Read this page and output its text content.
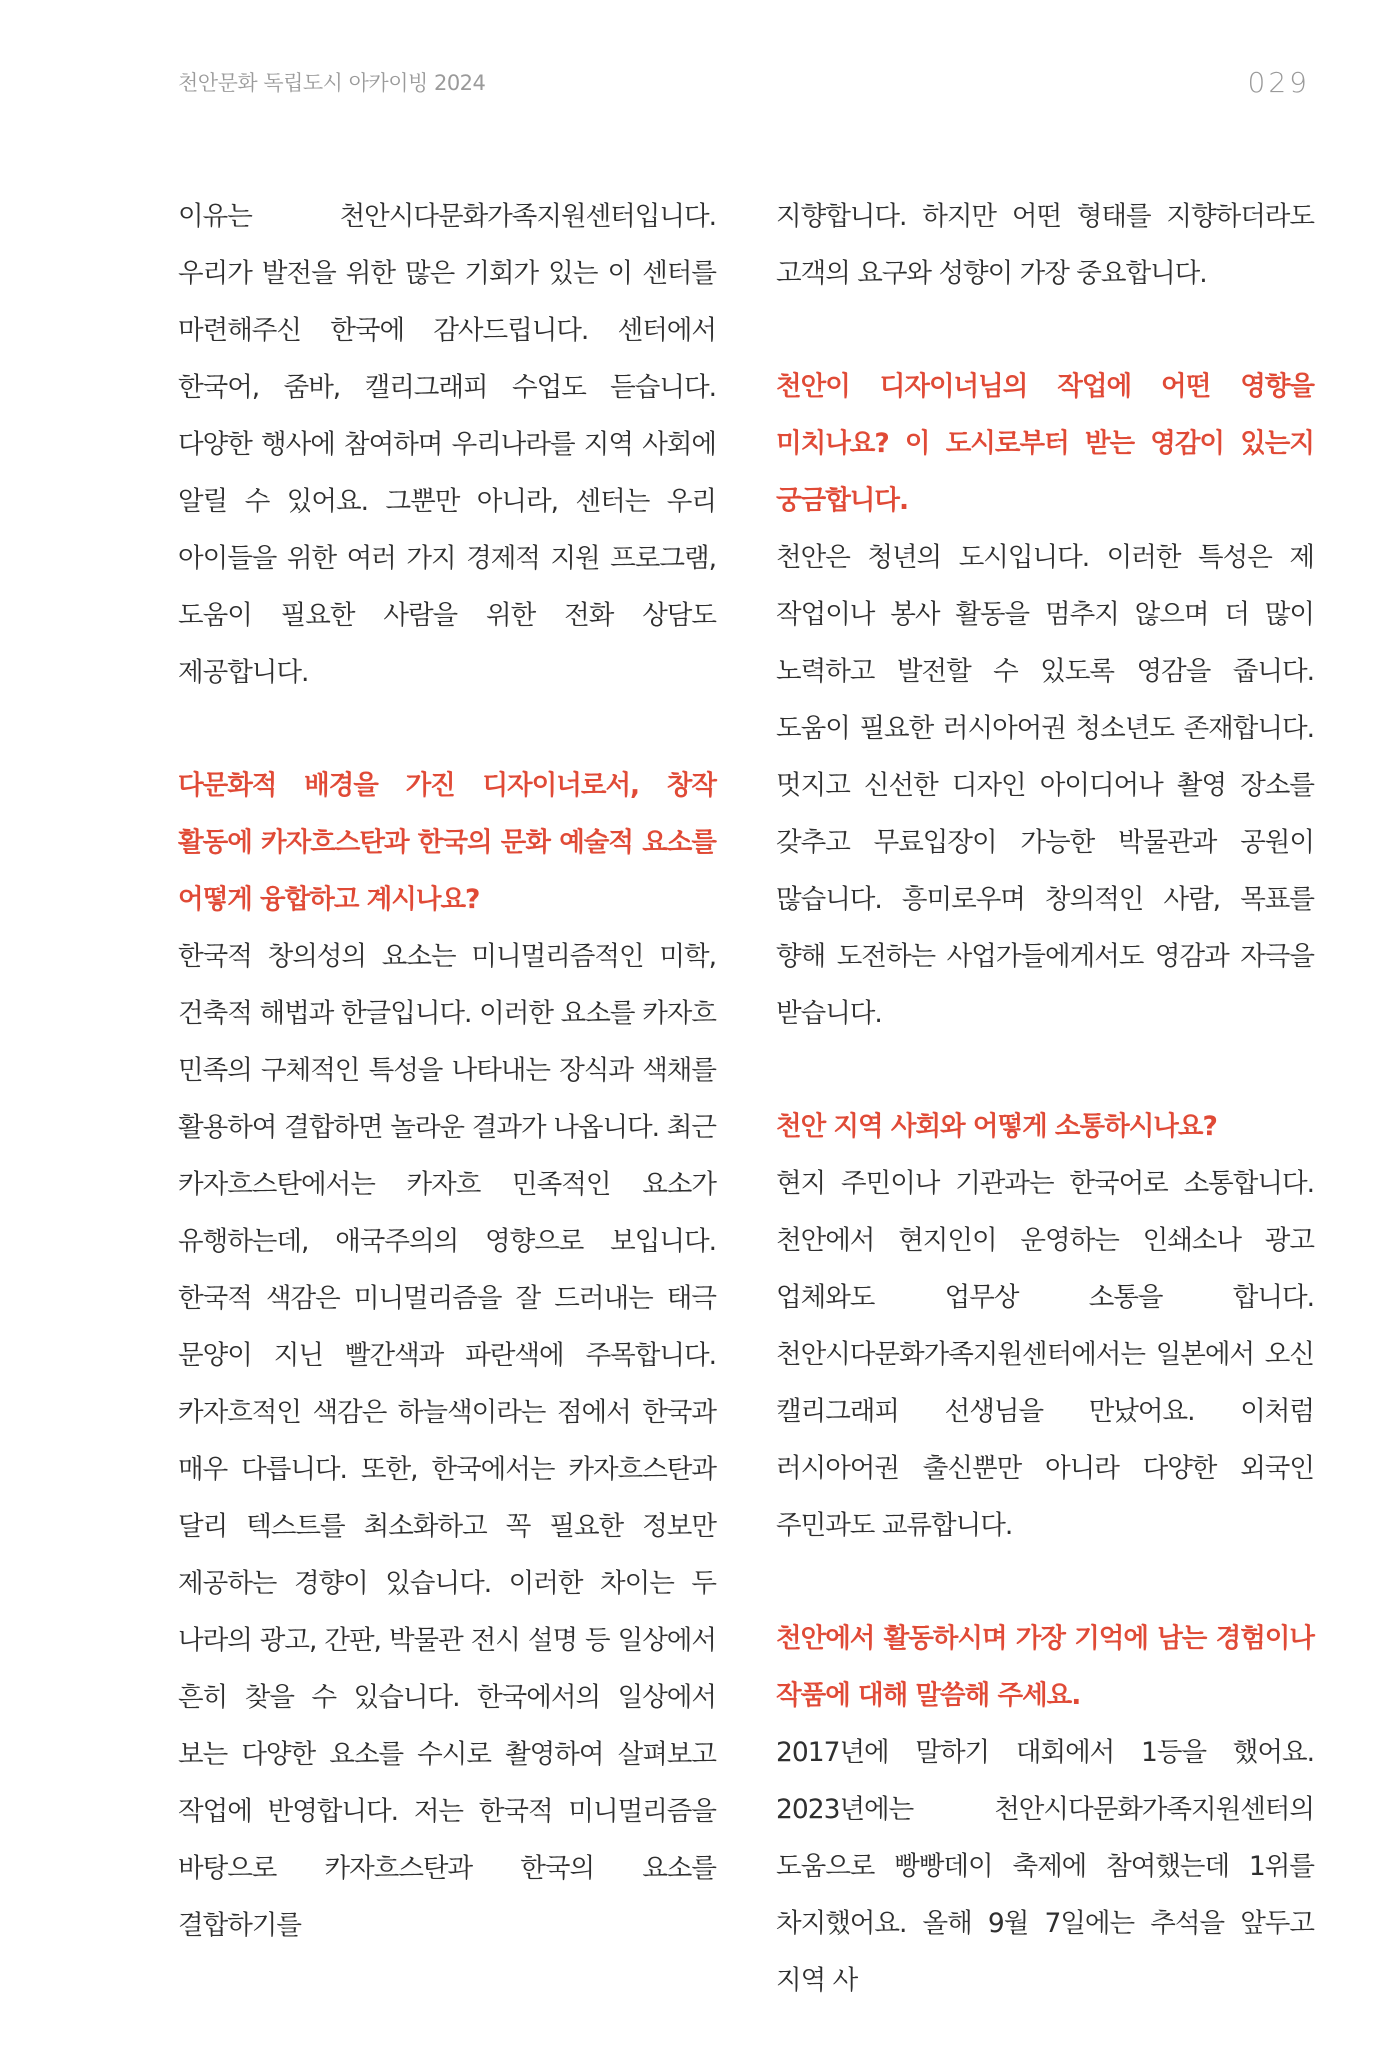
천안문화 독립도시 아카이빙 2024	029

이유는 천안시다문화가족지원센터입니다. 우리가 발전을 위한 많은 기회가 있는 이 센터를 마련해주신 한국에 감사드립니다. 센터에서 한국어, 줌바, 캘리그래피 수업도 듣습니다. 다양한 행사에 참여하며 우리나라를 지역 사회에 알릴 수 있어요. 그뿐만 아니라, 센터는 우리 아이들을 위한 여러 가지 경제적 지원 프로그램, 도움이 필요한 사람을 위한 전화 상담도 제공합니다.

다문화적 배경을 가진 디자이너로서, 창작 활동에 카자흐스탄과 한국의 문화 예술적 요소를 어떻게 융합하고 계시나요?

한국적 창의성의 요소는 미니멀리즘적인 미학, 건축적 해법과 한글입니다. 이러한 요소를 카자흐 민족의 구체적인 특성을 나타내는 장식과 색채를 활용하여 결합하면 놀라운 결과가 나옵니다. 최근 카자흐스탄에서는 카자흐 민족적인 요소가 유행하는데, 애국주의의 영향으로 보입니다. 한국적 색감은 미니멀리즘을 잘 드러내는 태극 문양이 지닌 빨간색과 파란색에 주목합니다. 카자흐적인 색감은 하늘색이라는 점에서 한국과 매우 다릅니다. 또한, 한국에서는 카자흐스탄과 달리 텍스트를 최소화하고 꼭 필요한 정보만 제공하는 경향이 있습니다. 이러한 차이는 두 나라의 광고, 간판, 박물관 전시 설명 등 일상에서 흔히 찾을 수 있습니다. 한국에서의 일상에서 보는 다양한 요소를 수시로 촬영하여 살펴보고 작업에 반영합니다. 저는 한국적 미니멀리즘을 바탕으로 카자흐스탄과 한국의 요소를 결합하기를

지향합니다. 하지만 어떤 형태를 지향하더라도 고객의 요구와 성향이 가장 중요합니다.

천안이 디자이너님의 작업에 어떤 영향을 미치나요? 이 도시로부터 받는 영감이 있는지 궁금합니다.

천안은 청년의 도시입니다. 이러한 특성은 제 작업이나 봉사 활동을 멈추지 않으며 더 많이 노력하고 발전할 수 있도록 영감을 줍니다. 도움이 필요한 러시아어권 청소년도 존재합니다. 멋지고 신선한 디자인 아이디어나 촬영 장소를 갖추고 무료입장이 가능한 박물관과 공원이 많습니다. 흥미로우며 창의적인 사람, 목표를 향해 도전하는 사업가들에게서도 영감과 자극을 받습니다.

천안 지역 사회와 어떻게 소통하시나요?

현지 주민이나 기관과는 한국어로 소통합니다. 천안에서 현지인이 운영하는 인쇄소나 광고 업체와도 업무상 소통을 합니다. 천안시다문화가족지원센터에서는 일본에서 오신 캘리그래피 선생님을 만났어요. 이처럼 러시아어권 출신뿐만 아니라 다양한 외국인 주민과도 교류합니다.

천안에서 활동하시며 가장 기억에 남는 경험이나 작품에 대해 말씀해 주세요.

2017년에 말하기 대회에서 1등을 했어요. 2023년에는 천안시다문화가족지원센터의 도움으로 빵빵데이 축제에 참여했는데 1위를 차지했어요. 올해 9월 7일에는 추석을 앞두고 지역 사
